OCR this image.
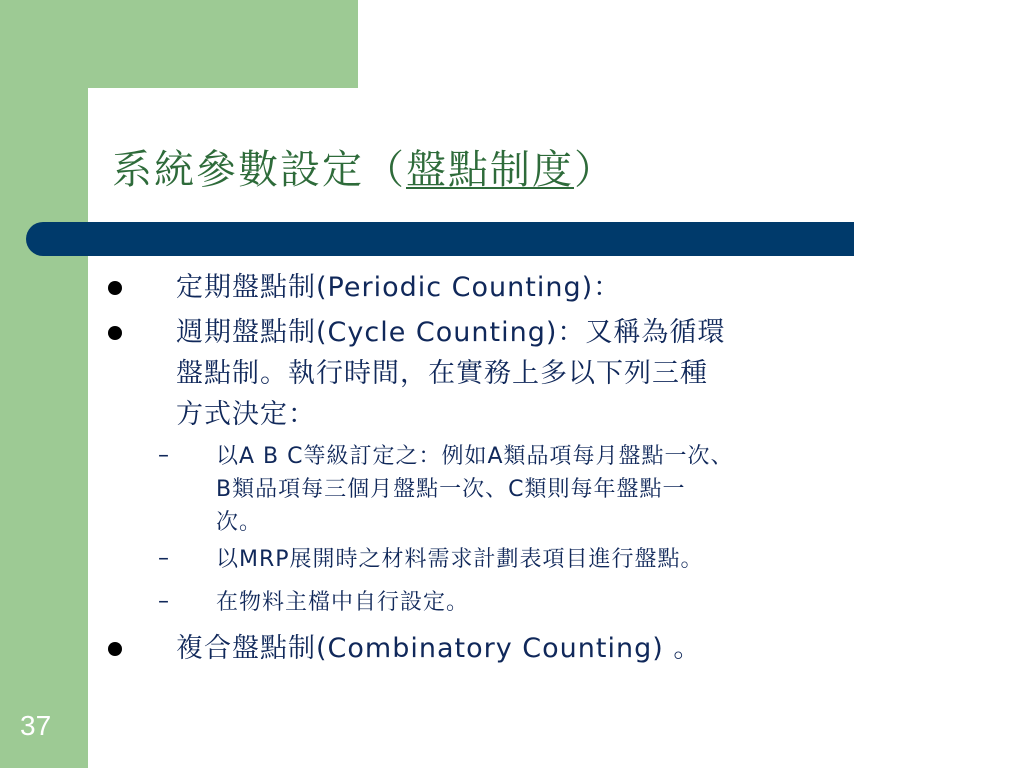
系統參數設定（盤點制度）
定期盤點制(Periodic Counting)：
週期盤點制(Cycle Counting)：又稱為循環
盤點制。執行時間，在實務上多以下列三種
方式決定：
– 以A B C等級訂定之：例如A類品項每月盤點一次、
B類品項每三個月盤點一次、C類則每年盤點一
次。
– 以MRP展開時之材料需求計劃表項目進行盤點。
– 在物料主檔中自行設定。
複合盤點制(Combinatory Counting) 。
37
